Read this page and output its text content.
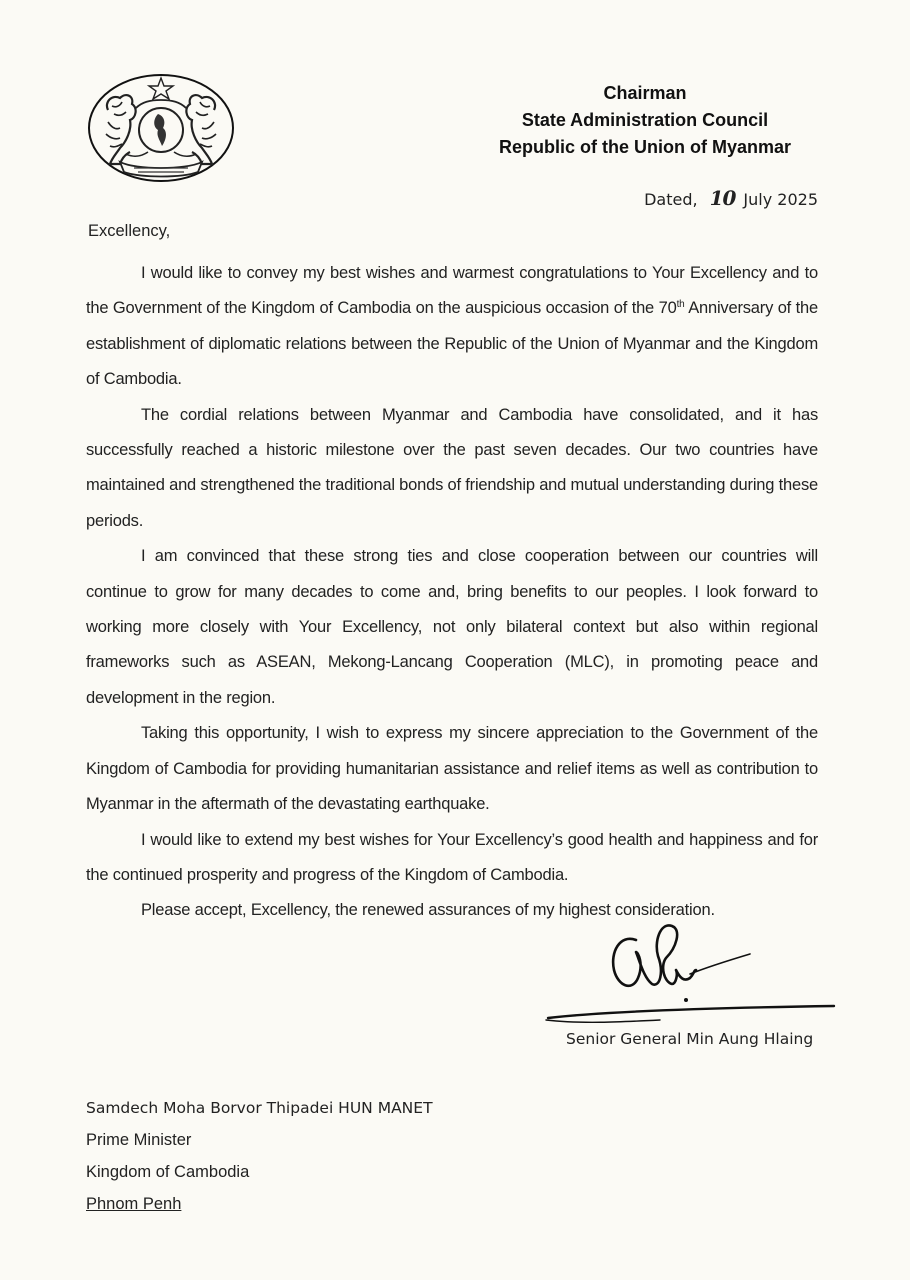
Chairman
State Administration Council
Republic of the Union of Myanmar
Dated, 10 July 2025
Excellency,

I would like to convey my best wishes and warmest congratulations to Your Excellency and to the Government of the Kingdom of Cambodia on the auspicious occasion of the 70th Anniversary of the establishment of diplomatic relations between the Republic of the Union of Myanmar and the Kingdom of Cambodia.

The cordial relations between Myanmar and Cambodia have consolidated, and it has successfully reached a historic milestone over the past seven decades. Our two countries have maintained and strengthened the traditional bonds of friendship and mutual understanding during these periods.

I am convinced that these strong ties and close cooperation between our countries will continue to grow for many decades to come and, bring benefits to our peoples. I look forward to working more closely with Your Excellency, not only bilateral context but also within regional frameworks such as ASEAN, Mekong-Lancang Cooperation (MLC), in promoting peace and development in the region.

Taking this opportunity, I wish to express my sincere appreciation to the Government of the Kingdom of Cambodia for providing humanitarian assistance and relief items as well as contribution to Myanmar in the aftermath of the devastating earthquake.

I would like to extend my best wishes for Your Excellency’s good health and happiness and for the continued prosperity and progress of the Kingdom of Cambodia.

Please accept, Excellency, the renewed assurances of my highest consideration.

Senior General Min Aung Hlaing
Samdech Moha Borvor Thipadei HUN MANET
Prime Minister
Kingdom of Cambodia
Phnom Penh
